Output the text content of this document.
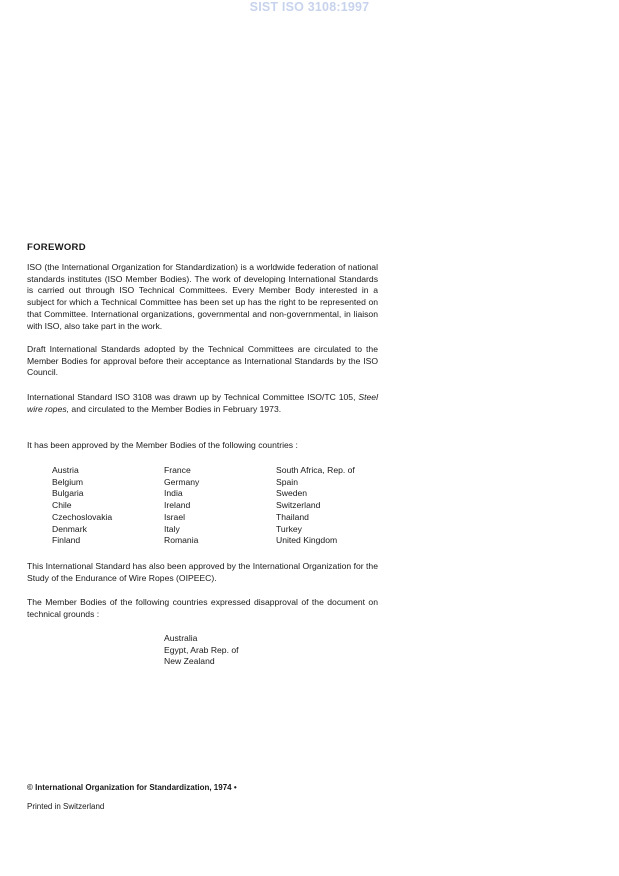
SIST ISO 3108:1997
FOREWORD

ISO (the International Organization for Standardization) is a worldwide federation of national standards institutes (ISO Member Bodies). The work of developing International Standards is carried out through ISO Technical Committees. Every Member Body interested in a subject for which a Technical Committee has been set up has the right to be represented on that Committee. International organizations, governmental and non-governmental, in liaison with ISO, also take part in the work.

Draft International Standards adopted by the Technical Committees are circulated to the Member Bodies for approval before their acceptance as International Standards by the ISO Council.

International Standard ISO 3108 was drawn up by Technical Committee ISO/TC 105, Steel wire ropes, and circulated to the Member Bodies in February 1973.

It has been approved by the Member Bodies of the following countries :

Austria
Belgium
Bulgaria
Chile
Czechoslovakia
Denmark
Finland
France
Germany
India
Ireland
Israel
Italy
Romania
South Africa, Rep. of
Spain
Sweden
Switzerland
Thailand
Turkey
United Kingdom

This International Standard has also been approved by the International Organization for the Study of the Endurance of Wire Ropes (OIPEEC).

The Member Bodies of the following countries expressed disapproval of the document on technical grounds :

Australia
Egypt, Arab Rep. of
New Zealand
© International Organization for Standardization, 1974 •
Printed in Switzerland
